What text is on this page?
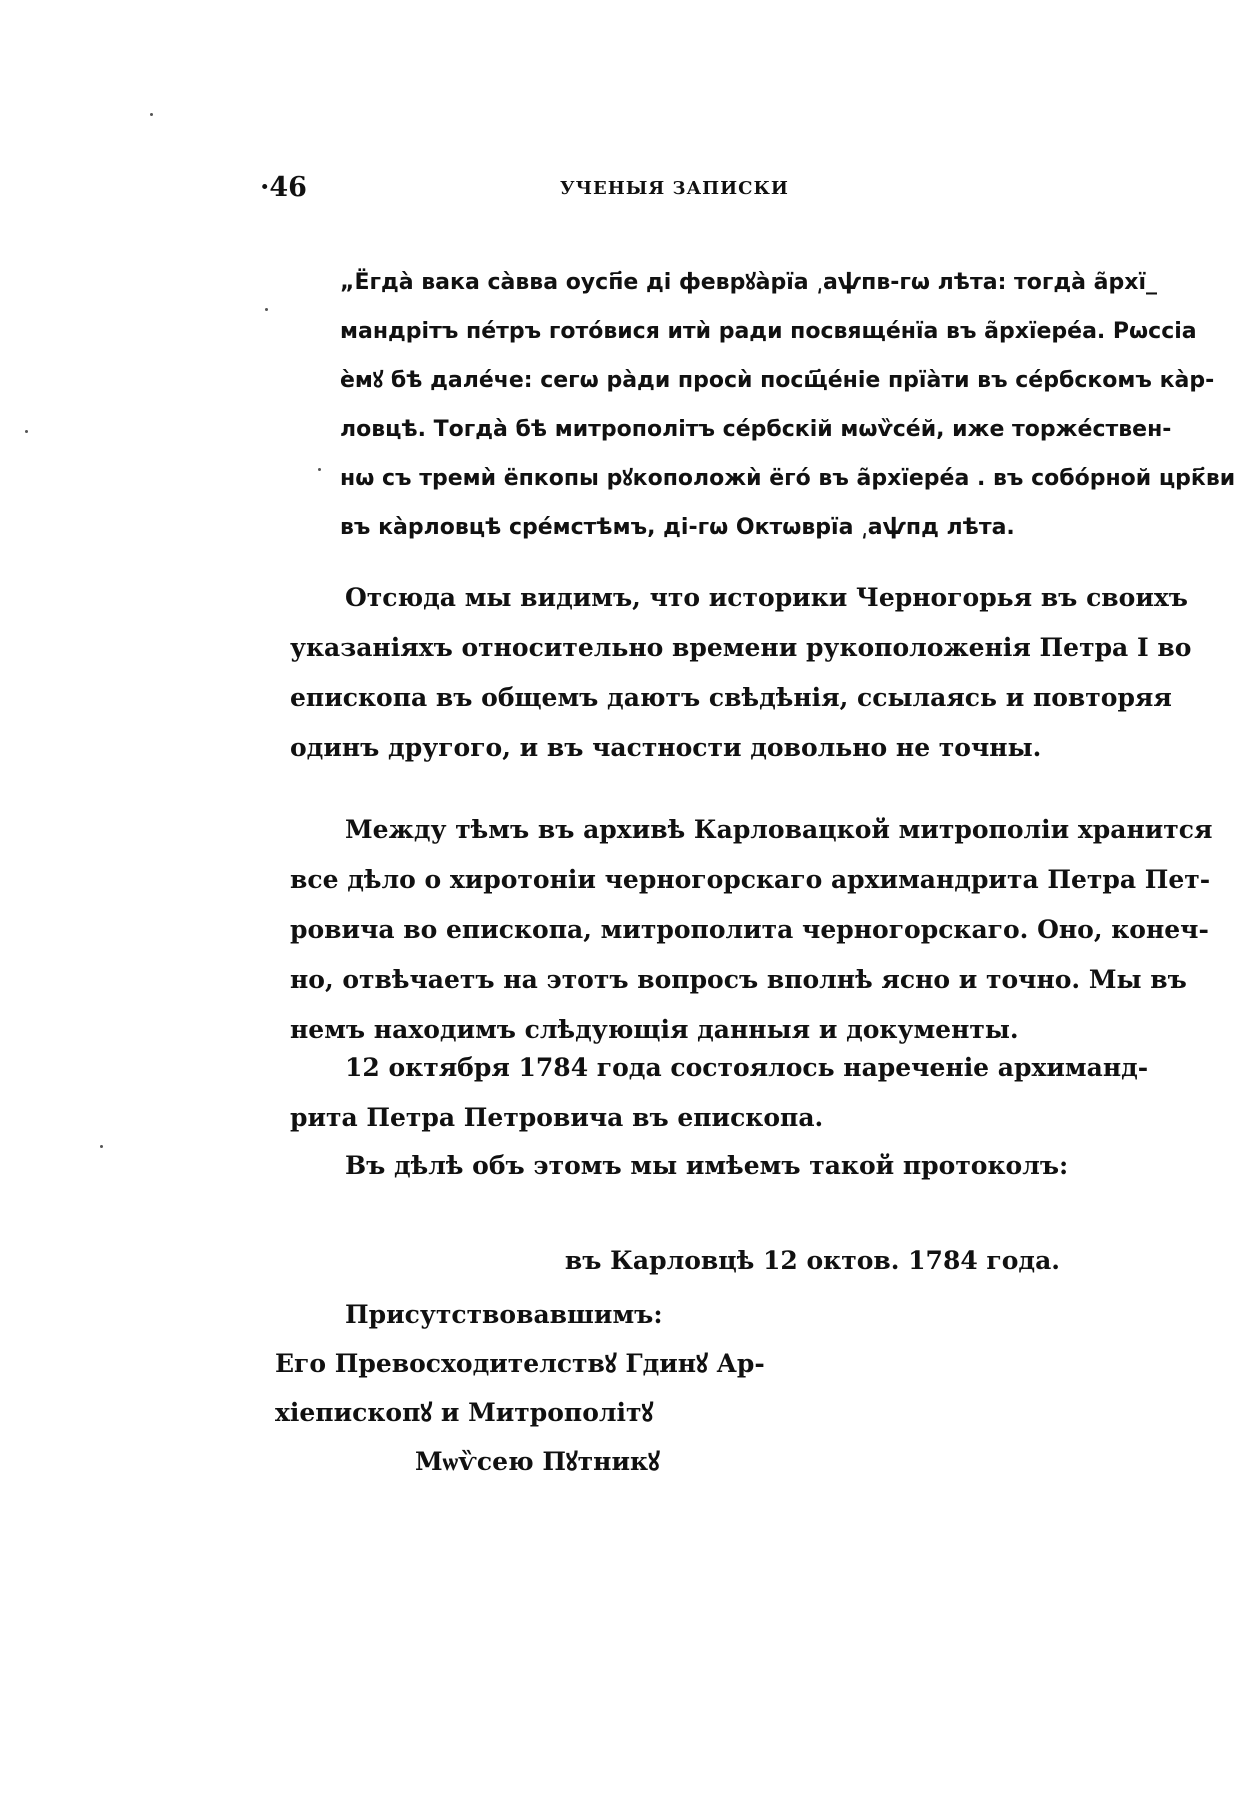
·46	УЧЕНЫЯ ЗАПИСКИ
„Ёгдà вака сàвва оусп҃е ді феврꙋàрїа ͵аѱпв-гѡ лѣта: тогдà ãрхї_
мандрітъ пéтръ готóвися итѝ ради посвящéнїа въ ãрхїерéа. Рѡссіа
ѐмꙋ бѣ далéче: сегѡ рàди просѝ посщ҃éніе прїàти въ сéрбскомъ кàр-
ловцѣ. Тогдà бѣ митрополітъ сéрбскій мѡѷсéй, иже торжéствен-
нѡ съ тремѝ ёпкопы рꙋкоположѝ ёгó въ ãрхїерéа . въ собóрной црк҃ви
въ кàрловцѣ срéмстѣмъ, ді-гѡ Октѡврїа ͵аѱпд лѣта.
Отсюда мы видимъ, что историки Черногорья въ своихъ
указаніяхъ относительно времени рукоположенія Петра I во
епископа въ общемъ даютъ свѣдѣнія, ссылаясь и повторяя
одинъ другого, и въ частности довольно не точны.
Между тѣмъ въ архивѣ Карловацкой митрополіи хранится
все дѣло о хиротоніи черногорскаго архимандрита Петра Пет-
ровича во епископа, митрополита черногорскаго. Оно, конеч-
но, отвѣчаетъ на этотъ вопросъ вполнѣ ясно и точно. Мы въ
немъ находимъ слѣдующія данныя и документы.
12 октября 1784 года состоялось нареченіе архиманд-
рита Петра Петровича въ епископа.
Въ дѣлѣ объ этомъ мы имѣемъ такой протоколъ:
въ Карловцѣ 12 октов. 1784 года.
Присутствовавшимъ:
Его Превосходителствꙋ Гдинꙋ Ар-
хіепископꙋ и Митрополітꙋ
Мѡѷсею Пꙋтникꙋ
